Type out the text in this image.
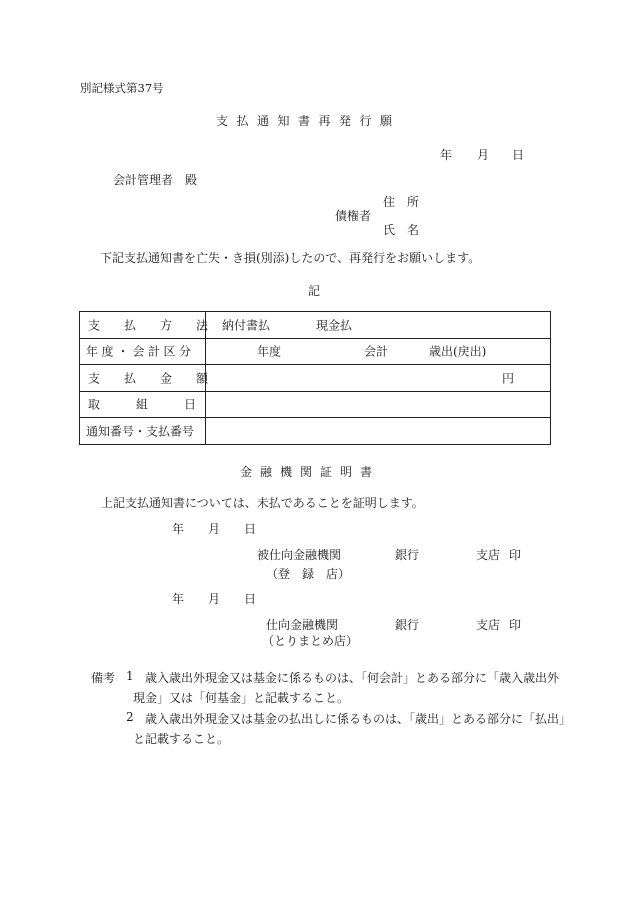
別記様式第37号
支払通知書再発行願
年 月 日
会計管理者　殿
住　所
債権者
氏　名
下記支払通知書を亡失・き損(別添)したので、再発行をお願いします。
記
支　　払　　方　　法	納付書払 現金払

年度・会計区分	年度 会計 歳出(戻出)

支　　払　　金　　額	円

取　　　組　　　日	

通知番号・支払番号	

金融機関証明書
上記支払通知書については、未払であることを証明します。
年 月 日
被仕向金融機関	銀行	支店 印
（登　録　店）
年 月 日
仕向金融機関	銀行	支店 印
（とりまとめ店）
備考 1 歳入歳出外現金又は基金に係るものは、「何会計」とある部分に「歳入歳出外
現金」又は「何基金」と記載すること。
2 歳入歳出外現金又は基金の払出しに係るものは、「歳出」とある部分に「払出」
と記載すること。
